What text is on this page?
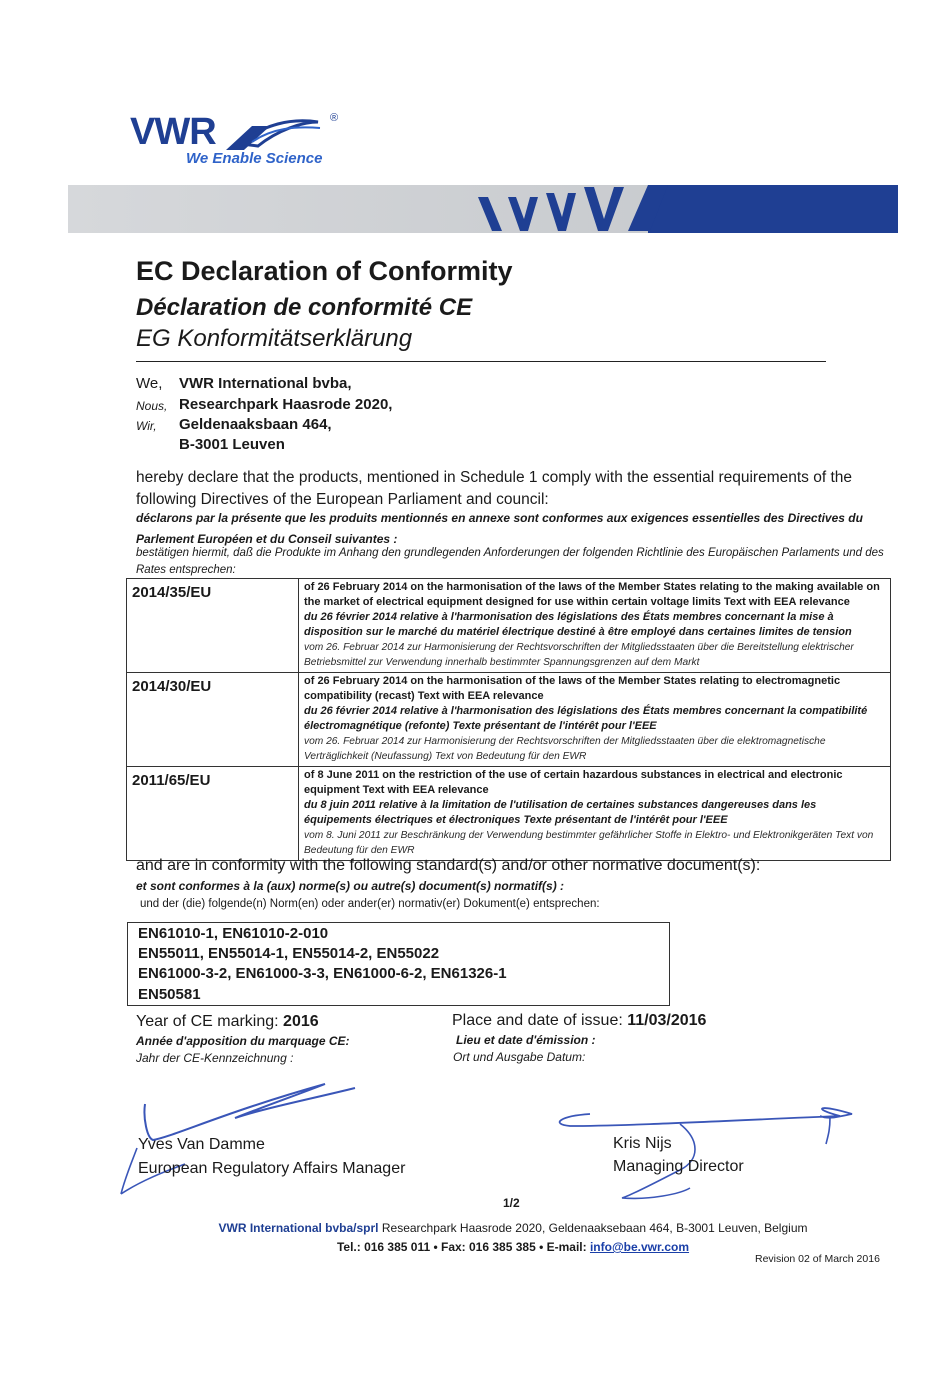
VWR	®
We Enable Science
EC Declaration of Conformity
Déclaration de conformité CE
EG Konformitätserklärung
We,
Nous,
Wir,
VWR International bvba,
Researchpark Haasrode 2020,
Geldenaaksbaan 464,
B-3001 Leuven
hereby declare that the products, mentioned in Schedule 1 comply with the essential requirements of the following Directives of the European Parliament and council:
déclarons par la présente que les produits mentionnés en annexe sont conformes aux exigences essentielles des Directives du Parlement Européen et du Conseil suivantes :
bestätigen hiermit, daß die Produkte im Anhang den grundlegenden Anforderungen der folgenden Richtlinie des Europäischen Parlaments und des Rates entsprechen:
2014/35/EU	of 26 February 2014 on the harmonisation of the laws of the Member States relating to the making available on the market of electrical equipment designed for use within certain voltage limits Text with EEA relevance
du 26 février 2014 relative à l'harmonisation des législations des États membres concernant la mise à disposition sur le marché du matériel électrique destiné à être employé dans certaines limites de tension
vom 26. Februar 2014 zur Harmonisierung der Rechtsvorschriften der Mitgliedsstaaten über die Bereitstellung elektrischer Betriebsmittel zur Verwendung innerhalb bestimmter Spannungsgrenzen auf dem Markt

2014/30/EU	of 26 February 2014 on the harmonisation of the laws of the Member States relating to electromagnetic compatibility (recast) Text with EEA relevance
du 26 février 2014 relative à l'harmonisation des législations des États membres concernant la compatibilité électromagnétique (refonte) Texte présentant de l'intérêt pour l'EEE
vom 26. Februar 2014 zur Harmonisierung der Rechtsvorschriften der Mitgliedsstaaten über die elektromagnetische Verträglichkeit (Neufassung) Text von Bedeutung für den EWR

2011/65/EU	of 8 June 2011 on the restriction of the use of certain hazardous substances in electrical and electronic equipment Text with EEA relevance
du 8 juin 2011 relative à la limitation de l'utilisation de certaines substances dangereuses dans les équipements électriques et électroniques Texte présentant de l'intérêt pour l'EEE
vom 8. Juni 2011 zur Beschränkung der Verwendung bestimmter gefährlicher Stoffe in Elektro- und Elektronikgeräten Text von Bedeutung für den EWR
and are in conformity with the following standard(s) and/or other normative document(s):
et sont conformes à la (aux) norme(s) ou autre(s) document(s) normatif(s) :
und der (die) folgende(n) Norm(en) oder ander(er) normativ(er) Dokument(e) entsprechen:
EN61010-1, EN61010-2-010
EN55011, EN55014-1, EN55014-2, EN55022
EN61000-3-2, EN61000-3-3, EN61000-6-2, EN61326-1
EN50581
Year of CE marking: 2016
Année d'apposition du marquage CE:
Jahr der CE-Kennzeichnung :
Place and date of issue: 11/03/2016
Lieu et date d'émission :
Ort und Ausgabe Datum:
Yves Van Damme
European Regulatory Affairs Manager
Kris Nijs
Managing Director
1/2
VWR International bvba/sprl Researchpark Haasrode 2020, Geldenaaksebaan 464, B-3001 Leuven, Belgium
Tel.: 016 385 011 • Fax: 016 385 385 • E-mail: info@be.vwr.com
Revision 02 of March 2016
